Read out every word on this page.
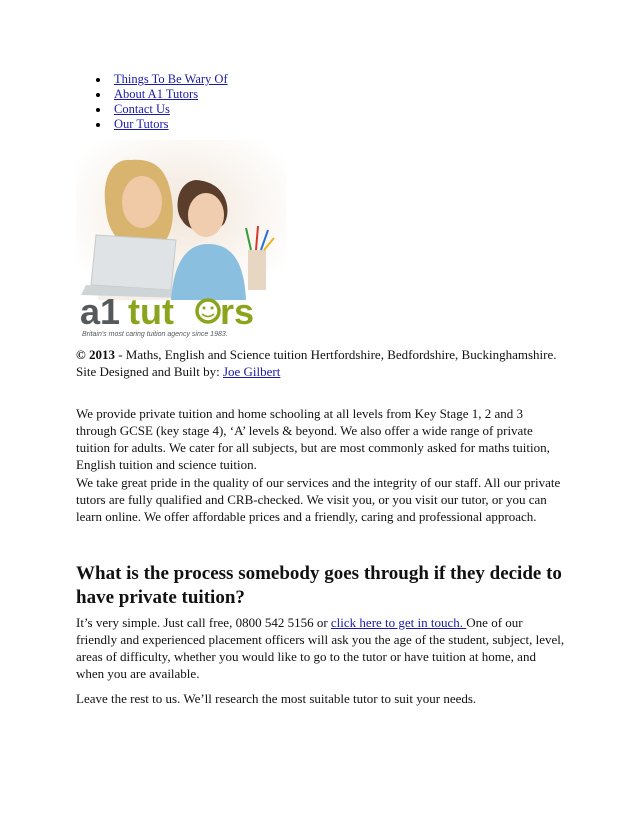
Things To Be Wary Of
About A1 Tutors
Contact Us
Our Tutors
a1 tut rs
Britain's most caring tuition agency since 1983.
© 2013 - Maths, English and Science tuition Hertfordshire, Bedfordshire, Buckinghamshire.
Site Designed and Built by: Joe Gilbert

We provide private tuition and home schooling at all levels from Key Stage 1, 2 and 3 through GCSE (key stage 4), ‘A’ levels & beyond. We also offer a wide range of private tuition for adults. We cater for all subjects, but are most commonly asked for maths tuition, English tuition and science tuition.

We take great pride in the quality of our services and the integrity of our staff. All our private tutors are fully qualified and CRB-checked. We visit you, or you visit our tutor, or you can learn online. We offer affordable prices and a friendly, caring and professional approach.

What is the process somebody goes through if they decide to have private tuition?

It’s very simple. Just call free, 0800 542 5156 or click here to get in touch. One of our friendly and experienced placement officers will ask you the age of the student, subject, level, areas of difficulty, whether you would like to go to the tutor or have tuition at home, and when you are available.

Leave the rest to us. We’ll research the most suitable tutor to suit your needs.
